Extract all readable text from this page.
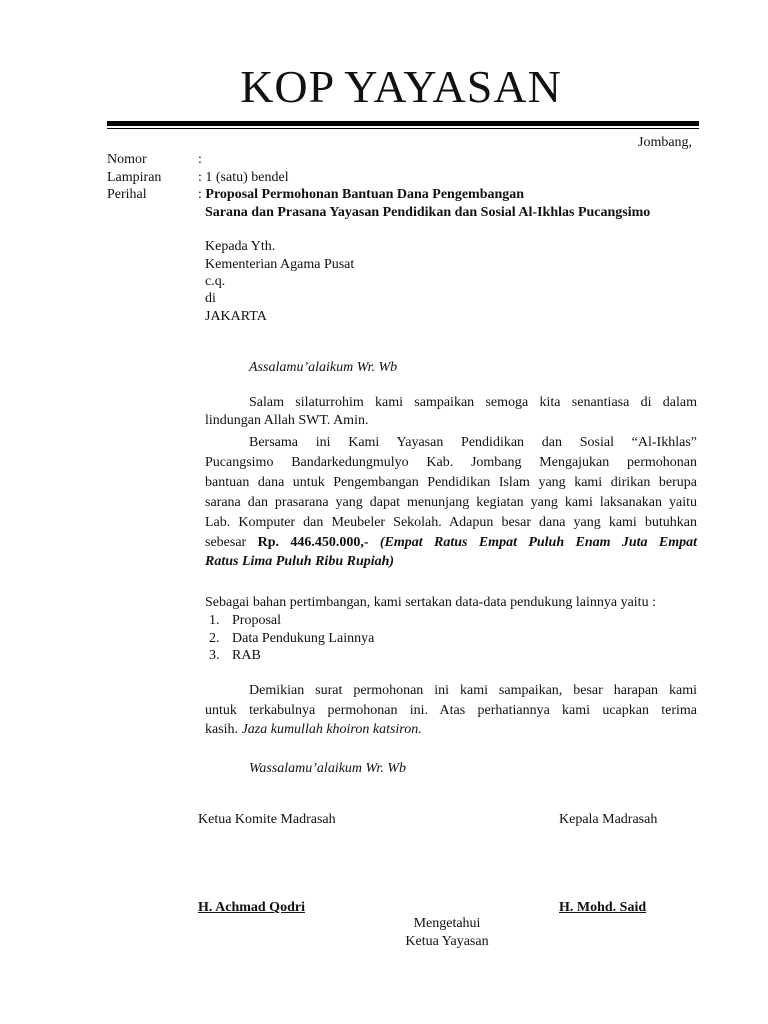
KOP YAYASAN
Jombang,
Nomor	:
Lampiran	: 1 (satu) bendel
Perihal	: Proposal Permohonan Bantuan Dana Pengembangan
Sarana dan Prasana Yayasan Pendidikan dan Sosial Al-Ikhlas Pucangsimo
Kepada Yth.
Kementerian Agama Pusat
c.q.
di
JAKARTA
Assalamu’alaikum Wr. Wb
Salam silaturrohim kami sampaikan semoga kita senantiasa di dalam
lindungan Allah SWT. Amin.
Bersama ini Kami Yayasan Pendidikan dan Sosial “Al-Ikhlas”
Pucangsimo Bandarkedungmulyo Kab. Jombang Mengajukan permohonan
bantuan dana untuk Pengembangan Pendidikan Islam yang kami dirikan berupa
sarana dan prasarana yang dapat menunjang kegiatan yang kami laksanakan yaitu
Lab. Komputer dan Meubeler Sekolah. Adapun besar dana yang kami butuhkan
sebesar Rp. 446.450.000,- (Empat Ratus Empat Puluh Enam Juta Empat
Ratus Lima Puluh Ribu Rupiah)
Sebagai bahan pertimbangan, kami sertakan data-data pendukung lainnya yaitu :
1. Proposal
2. Data Pendukung Lainnya
3. RAB
Demikian surat permohonan ini kami sampaikan, besar harapan kami
untuk terkabulnya permohonan ini. Atas perhatiannya kami ucapkan terima
kasih. Jaza kumullah khoiron katsiron.
Wassalamu’alaikum Wr. Wb
Ketua Komite Madrasah	Kepala Madrasah
H. Achmad Qodri	H. Mohd. Said
Mengetahui
Ketua Yayasan
